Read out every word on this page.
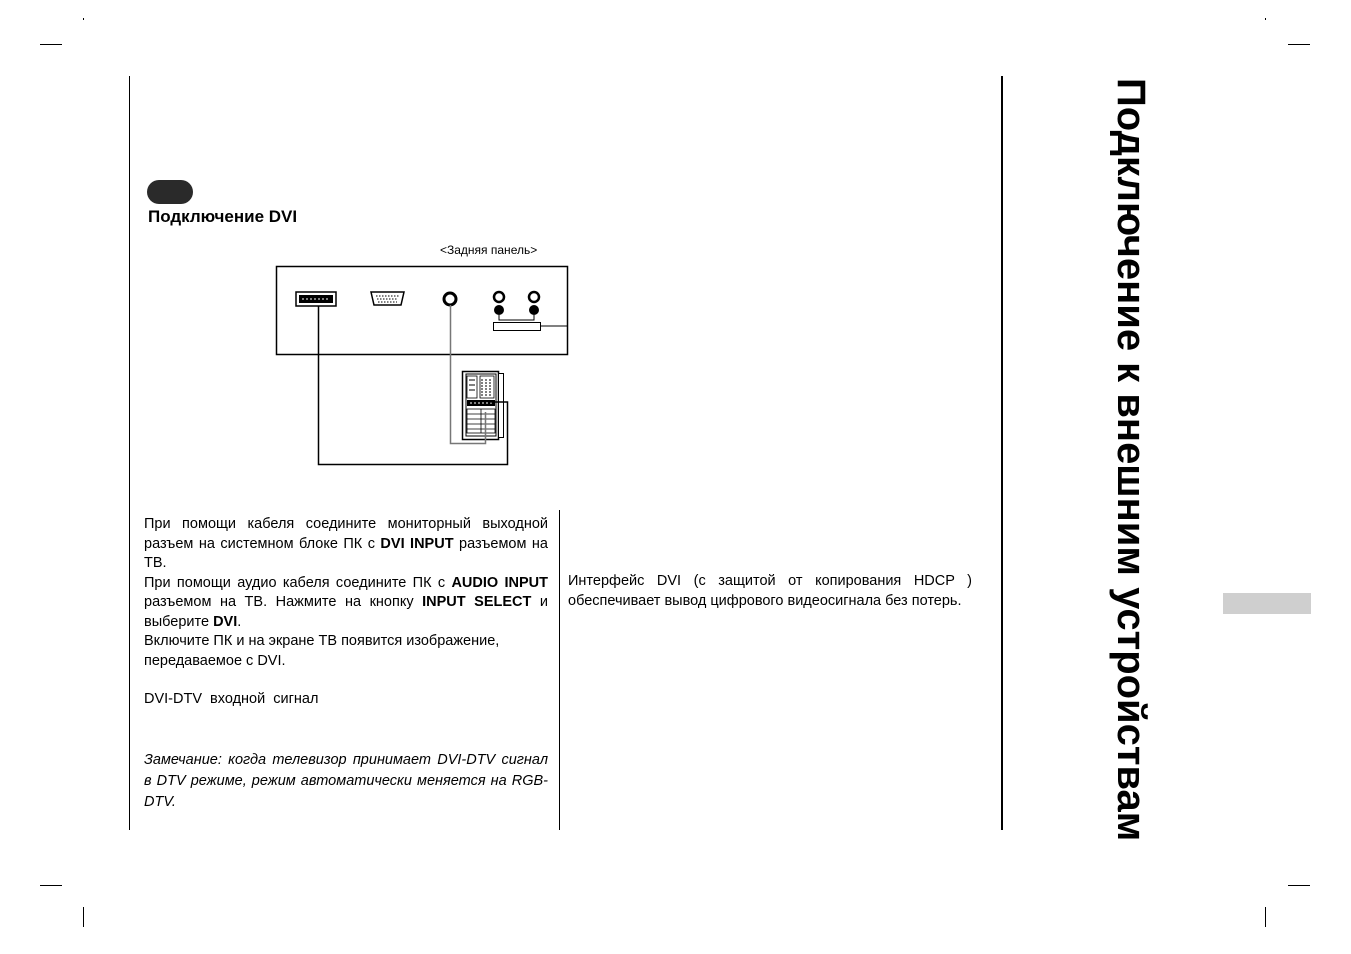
Подключение DVI
<Задняя панель>
При помощи кабеля соедините мониторный выходной разъем на системном блоке ПК с DVI INPUT разъемом на ТВ.
При помощи аудио кабеля соедините ПК с AUDIO INPUT разъемом на ТВ. Нажмите на кнопку INPUT SELECT и выберите DVI.
Включите ПК и на экране ТВ появится изображение, передаваемое с DVI.
DVI-DTV  входной  сигнал
Замечание: когда телевизор принимает DVI-DTV сигнал в DTV режиме, режим автоматически меняется на RGB-DTV.
Интерфейс DVI (с защитой от копирования HDCP ) обеспечивает вывод цифрового видеосигнала без потерь.	Подключение к внешним устройствам
